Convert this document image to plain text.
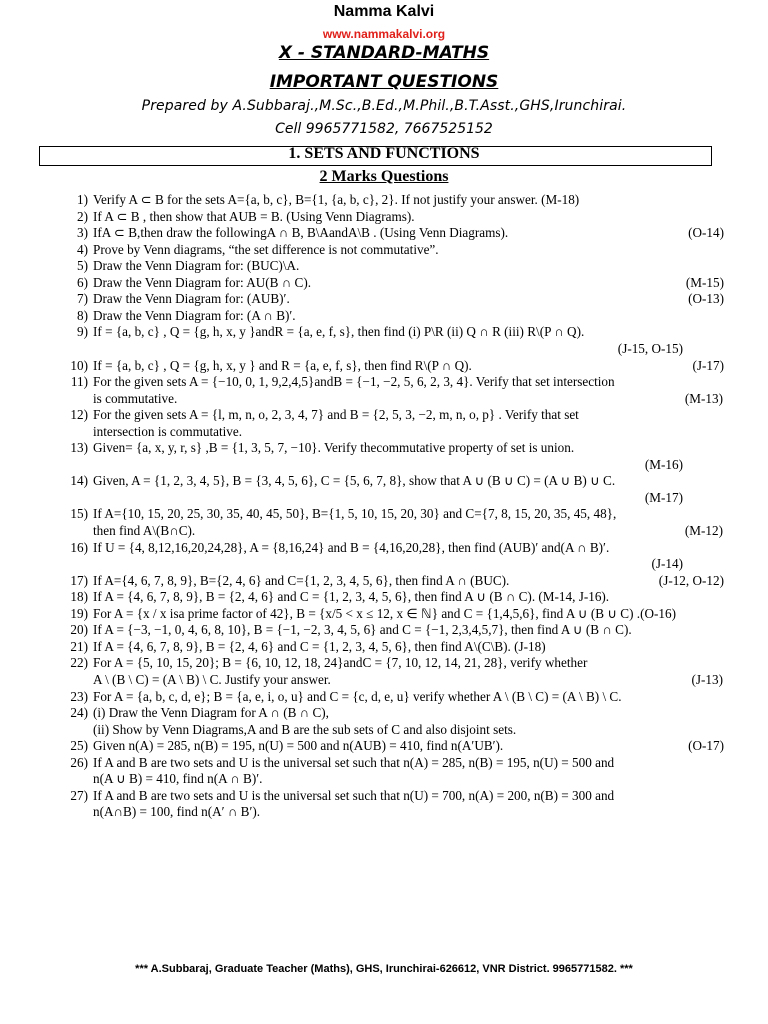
Namma Kalvi
www.nammakalvi.org
X - STANDARD-MATHS
IMPORTANT QUESTIONS
Prepared by A.Subbaraj.,M.Sc.,B.Ed.,M.Phil.,B.T.Asst.,GHS,Irunchirai.
Cell 9965771582, 7667525152
1. SETS AND FUNCTIONS
2 Marks Questions
1) Verify A ⊂ B for the sets A={a, b, c}, B={1, {a, b, c}, 2}. If not justify your answer. (M-18)
2) If A ⊂ B , then show that AUB = B. (Using Venn Diagrams).
3) IfA ⊂ B,then draw the followingA ∩ B, B\AandA\B . (Using Venn Diagrams).	(O-14)
4) Prove by Venn diagrams, “the set difference is not commutative”.
5) Draw the Venn Diagram for: (BUC)\A.
6) Draw the Venn Diagram for: AU(B ∩ C).	(M-15)
7) Draw the Venn Diagram for: (AUB)′.	(O-13)
8) Draw the Venn Diagram for: (A ∩ B)′.
9) If = {a, b, c} , Q = {g, h, x, y }andR = {a, e, f, s}, then find (i) P\R (ii) Q ∩ R (iii) R\(P ∩ Q).
(J-15, O-15)
10) If = {a, b, c} , Q = {g, h, x, y } and R = {a, e, f, s}, then find R\(P ∩ Q).	(J-17)
11) For the given sets A = {−10, 0, 1, 9,2,4,5}andB = {−1, −2, 5, 6, 2, 3, 4}. Verify that set intersection
is commutative.	(M-13)
12) For the given sets A = {l, m, n, o, 2, 3, 4, 7} and B = {2, 5, 3, −2, m, n, o, p} . Verify that set
intersection is commutative.
13) Given= {a, x, y, r, s} ,B = {1, 3, 5, 7, −10}. Verify thecommutative property of set is union.
(M-16)
14) Given, A = {1, 2, 3, 4, 5}, B = {3, 4, 5, 6}, C = {5, 6, 7, 8}, show that A ∪ (B ∪ C) = (A ∪ B) ∪ C.
(M-17)
15) If A={10, 15, 20, 25, 30, 35, 40, 45, 50}, B={1, 5, 10, 15, 20, 30} and C={7, 8, 15, 20, 35, 45, 48},
then find A\(B∩C).	(M-12)
16) If U = {4, 8,12,16,20,24,28}, A = {8,16,24} and B = {4,16,20,28}, then find (AUB)′ and(A ∩ B)′.
(J-14)
17) If A={4, 6, 7, 8, 9}, B={2, 4, 6} and C={1, 2, 3, 4, 5, 6}, then find A ∩ (BUC).	(J-12, O-12)
18) If A = {4, 6, 7, 8, 9}, B = {2, 4, 6} and C = {1, 2, 3, 4, 5, 6}, then find A ∪ (B ∩ C). (M-14, J-16).
19) For A = {x / x isa prime factor of 42}, B = {x/5 < x ≤ 12, x ∈ ℕ} and C = {1,4,5,6}, find A ∪ (B ∪ C) .(O-16)
20) If A = {−3, −1, 0, 4, 6, 8, 10}, B = {−1, −2, 3, 4, 5, 6} and C = {−1, 2,3,4,5,7}, then find A ∪ (B ∩ C).
21) If A = {4, 6, 7, 8, 9}, B = {2, 4, 6} and C = {1, 2, 3, 4, 5, 6}, then find A\(C\B). (J-18)
22) For A = {5, 10, 15, 20}; B = {6, 10, 12, 18, 24}andC = {7, 10, 12, 14, 21, 28}, verify whether
A \ (B \ C) = (A \ B) \ C. Justify your answer.	(J-13)
23) For A = {a, b, c, d, e}; B = {a, e, i, o, u} and C = {c, d, e, u} verify whether A \ (B \ C) = (A \ B) \ C.
24) (i) Draw the Venn Diagram for A ∩ (B ∩ C),
(ii) Show by Venn Diagrams,A and B are the sub sets of C and also disjoint sets.
25) Given n(A) = 285, n(B) = 195, n(U) = 500 and n(AUB) = 410, find n(A′UB′).	(O-17)
26) If A and B are two sets and U is the universal set such that n(A) = 285, n(B) = 195, n(U) = 500 and
n(A ∪ B) = 410, find n(A ∩ B)′.
27) If A and B are two sets and U is the universal set such that n(U) = 700, n(A) = 200, n(B) = 300 and
n(A∩B) = 100, find n(A′ ∩ B′).
*** A.Subbaraj, Graduate Teacher (Maths), GHS, Irunchirai-626612, VNR District. 9965771582. ***
